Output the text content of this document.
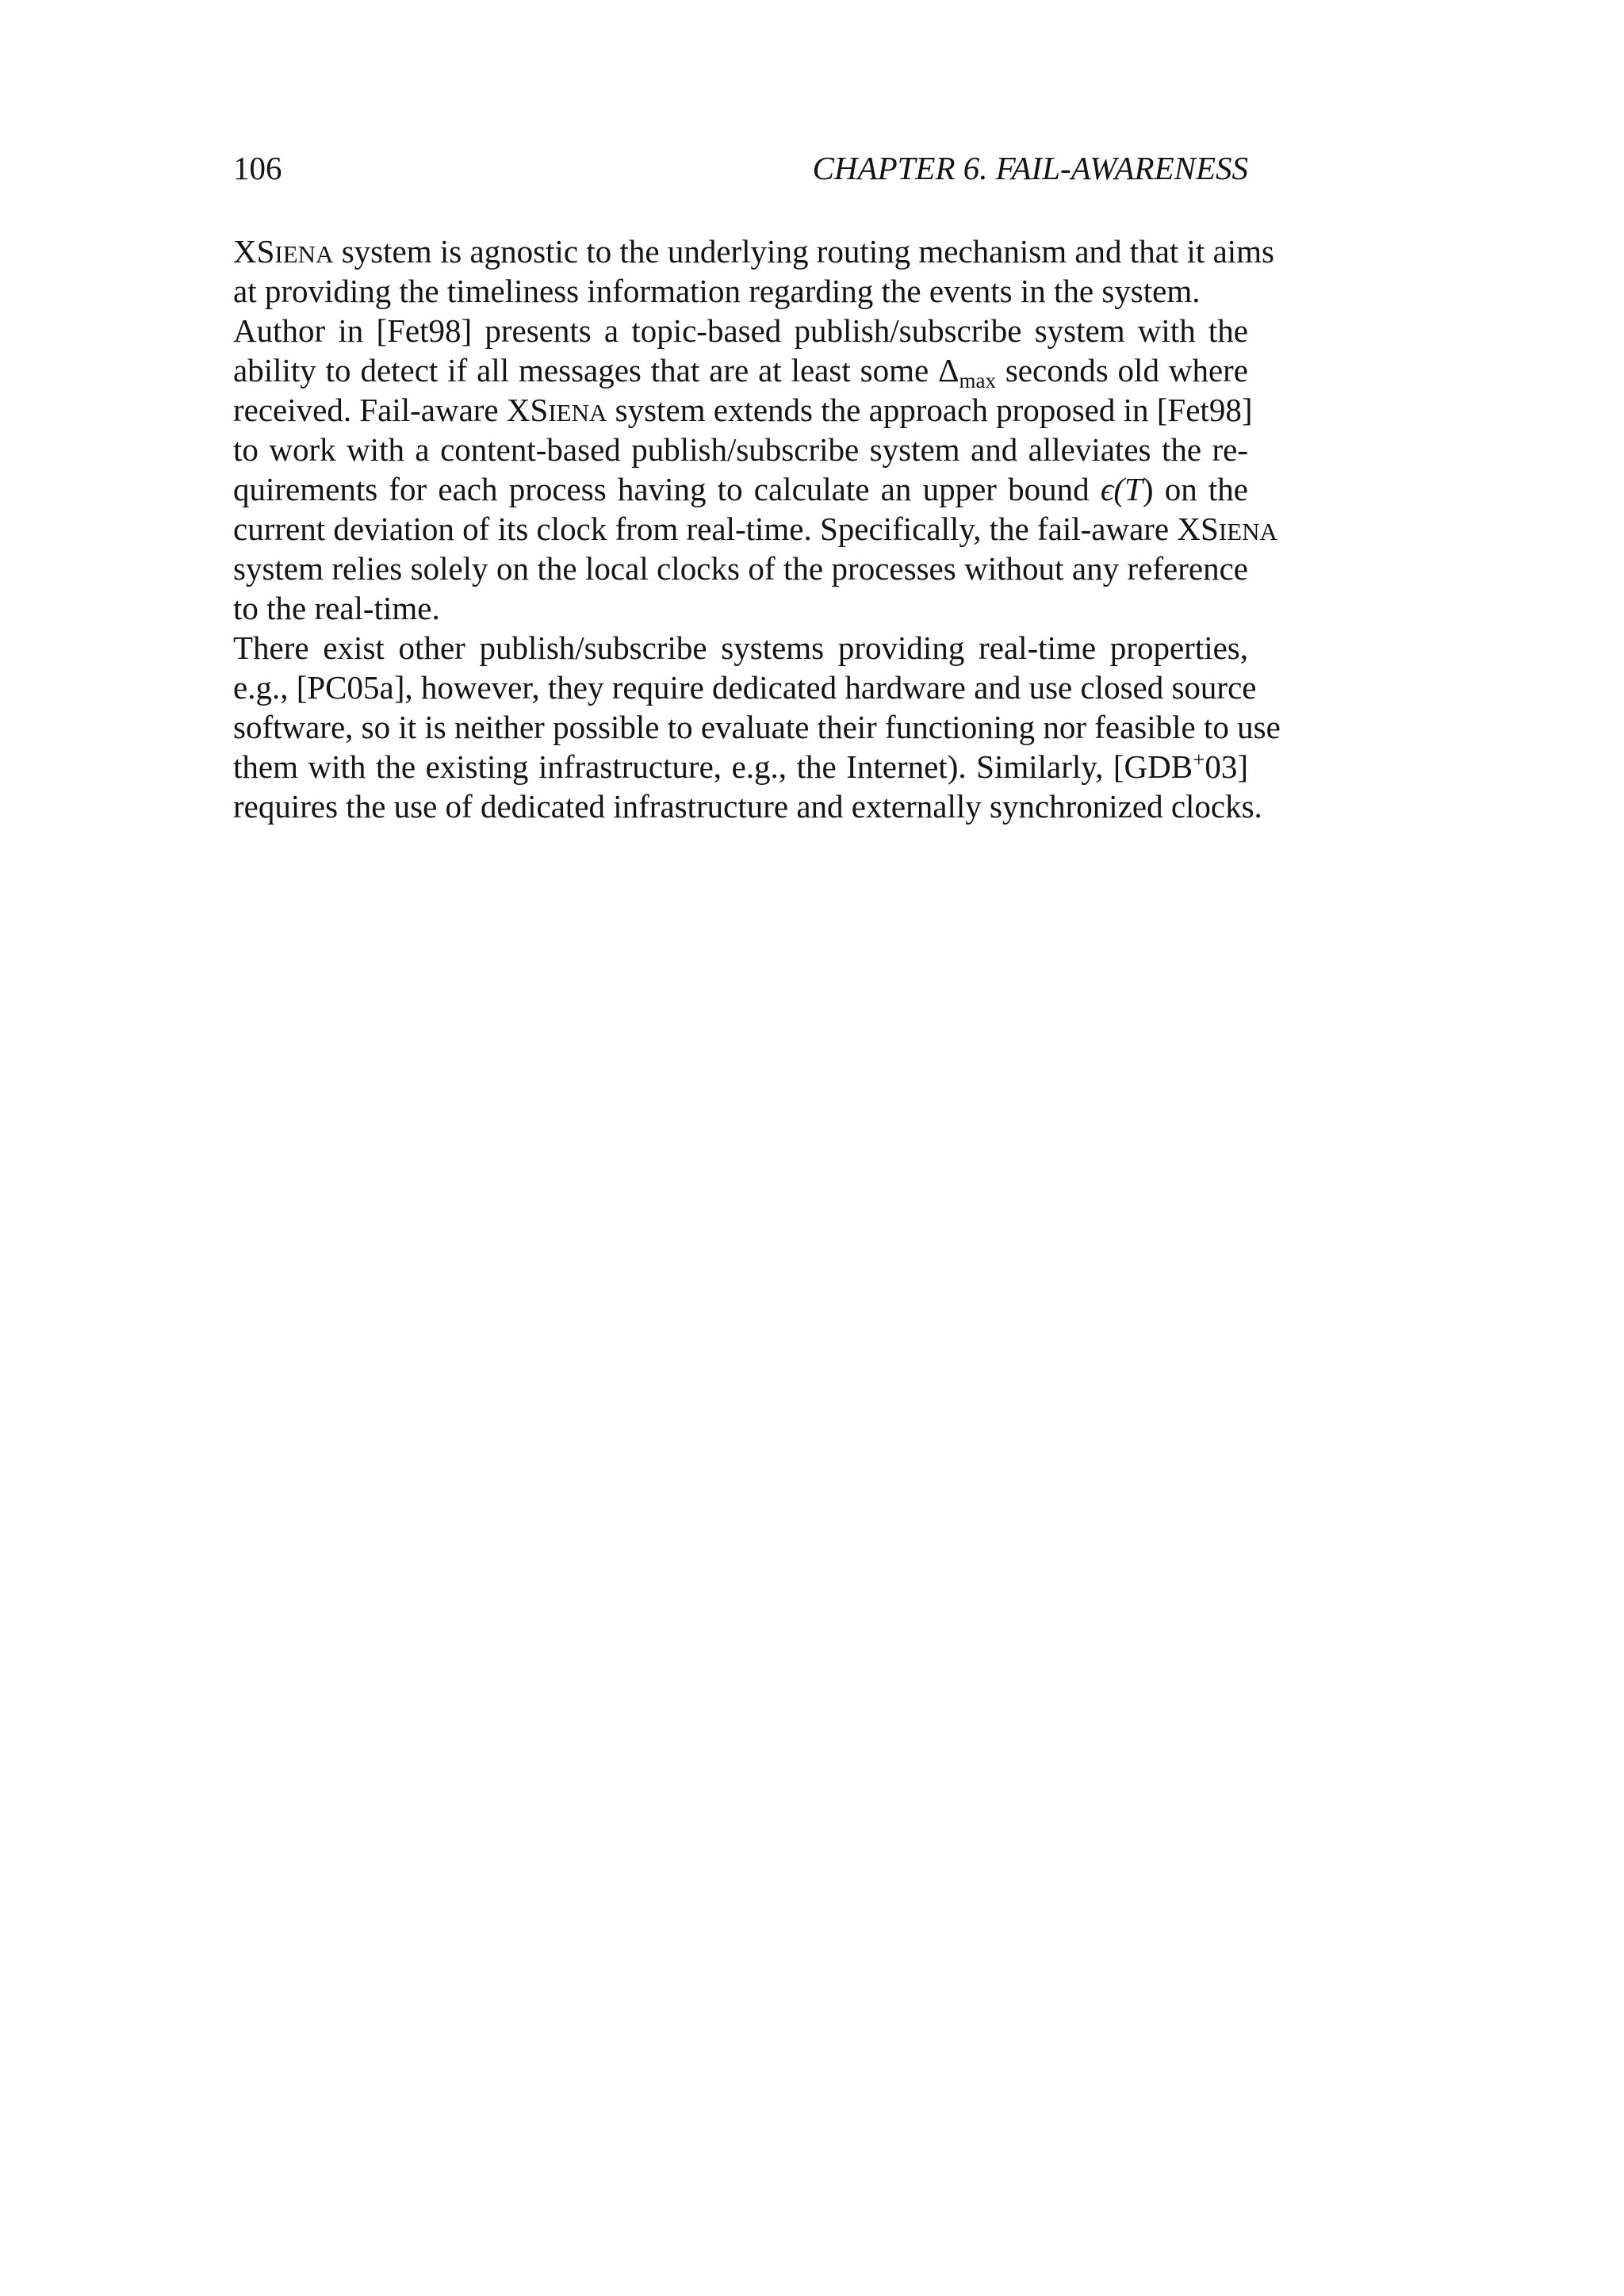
106	CHAPTER 6. FAIL-AWARENESS
XSIENA system is agnostic to the underlying routing mechanism and that it aims
at providing the timeliness information regarding the events in the system.
Author in [Fet98] presents a topic-based publish/subscribe system with the
ability to detect if all messages that are at least some $\Delta_{max}$ seconds old where
received. Fail-aware XSIENA system extends the approach proposed in [Fet98]
to work with a content-based publish/subscribe system and alleviates the re-
quirements for each process having to calculate an upper bound ϵ(T) on the
current deviation of its clock from real-time. Specifically, the fail-aware XSIENA
system relies solely on the local clocks of the processes without any reference
to the real-time.
There exist other publish/subscribe systems providing real-time properties,
e.g., [PC05a], however, they require dedicated hardware and use closed source
software, so it is neither possible to evaluate their functioning nor feasible to use
them with the existing infrastructure, e.g., the Internet). Similarly, [GDB+03]
requires the use of dedicated infrastructure and externally synchronized clocks.
